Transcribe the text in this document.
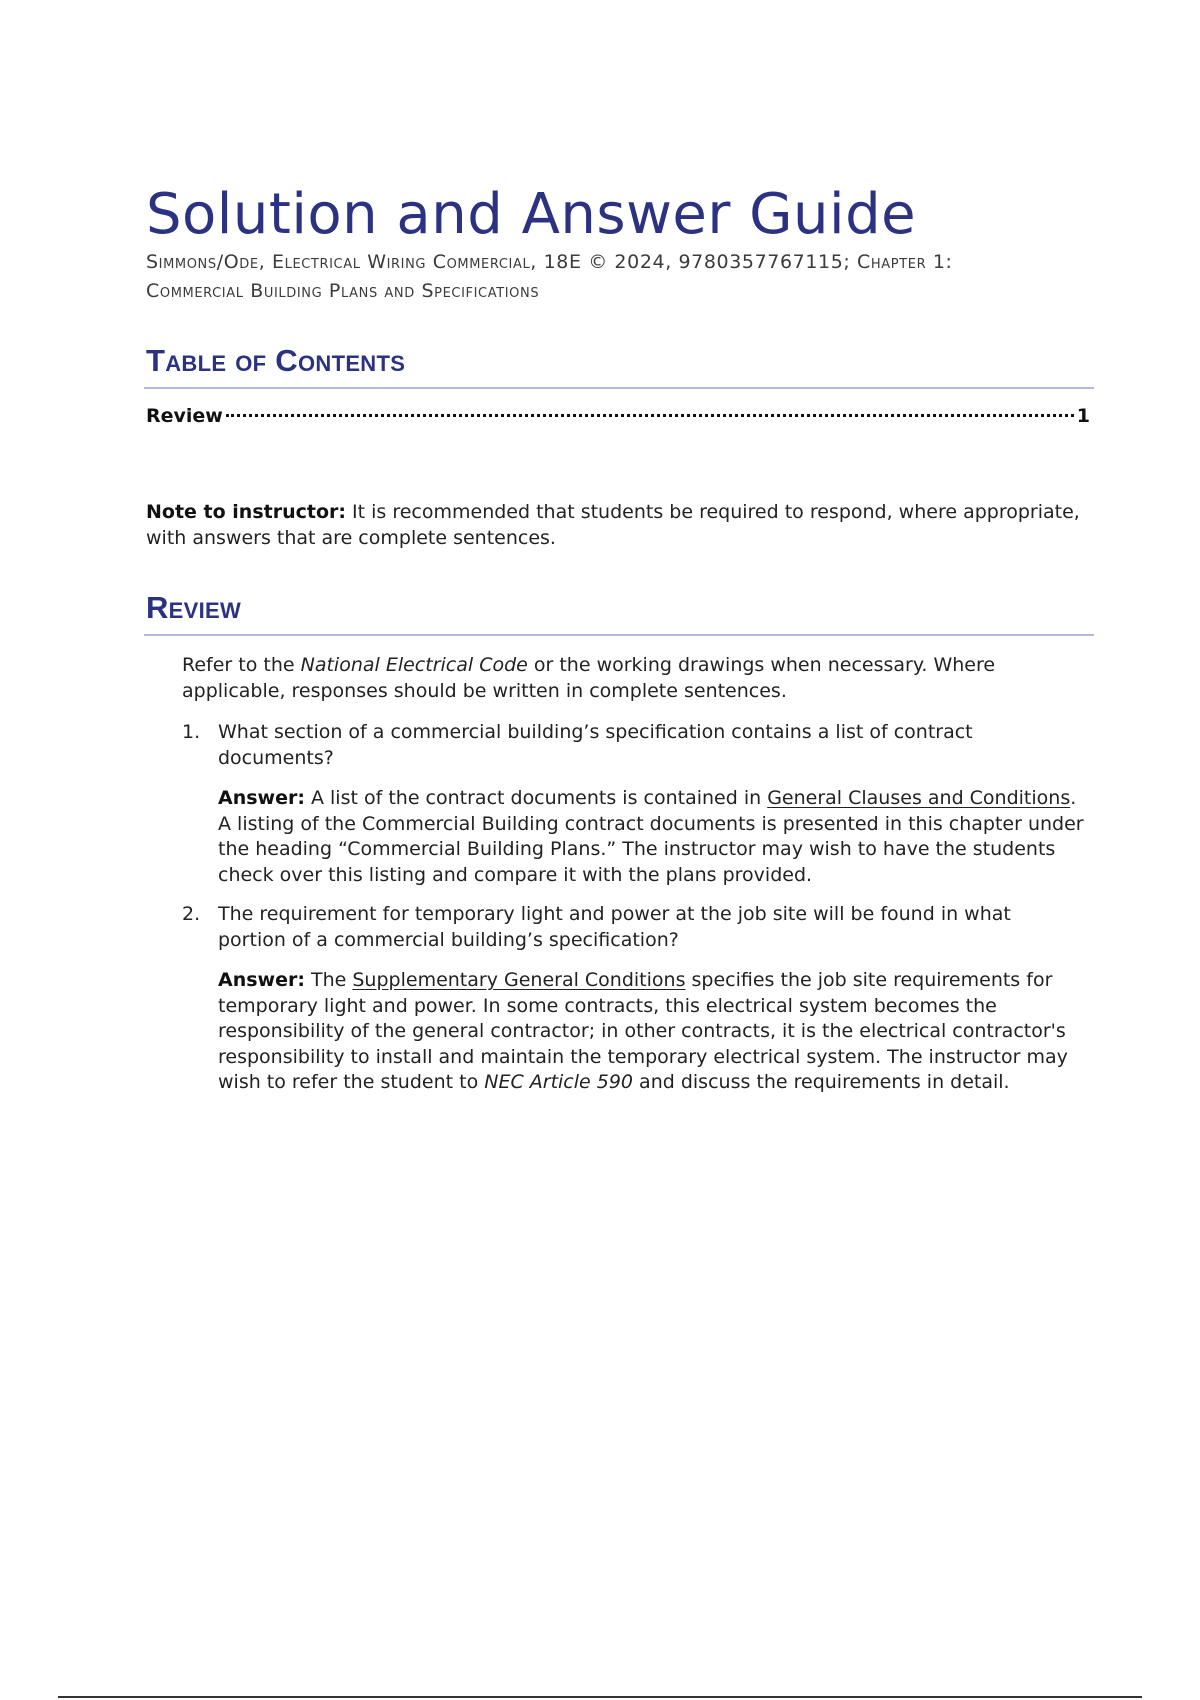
Solution and Answer Guide
Simmons/Ode, Electrical Wiring Commercial, 18E © 2024, 9780357767115; Chapter 1:
Commercial Building Plans and Specifications
Table of Contents
Review	1
Note to instructor: It is recommended that students be required to respond, where appropriate, with answers that are complete sentences.
Review
Refer to the National Electrical Code or the working drawings when necessary. Where applicable, responses should be written in complete sentences.
1. What section of a commercial building’s specification contains a list of contract documents?
Answer: A list of the contract documents is contained in General Clauses and Conditions. A listing of the Commercial Building contract documents is presented in this chapter under the heading “Commercial Building Plans.” The instructor may wish to have the students check over this listing and compare it with the plans provided.
2. The requirement for temporary light and power at the job site will be found in what portion of a commercial building’s specification?
Answer: The Supplementary General Conditions specifies the job site requirements for temporary light and power. In some contracts, this electrical system becomes the responsibility of the general contractor; in other contracts, it is the electrical contractor's responsibility to install and maintain the temporary electrical system. The instructor may wish to refer the student to NEC Article 590 and discuss the requirements in detail.
